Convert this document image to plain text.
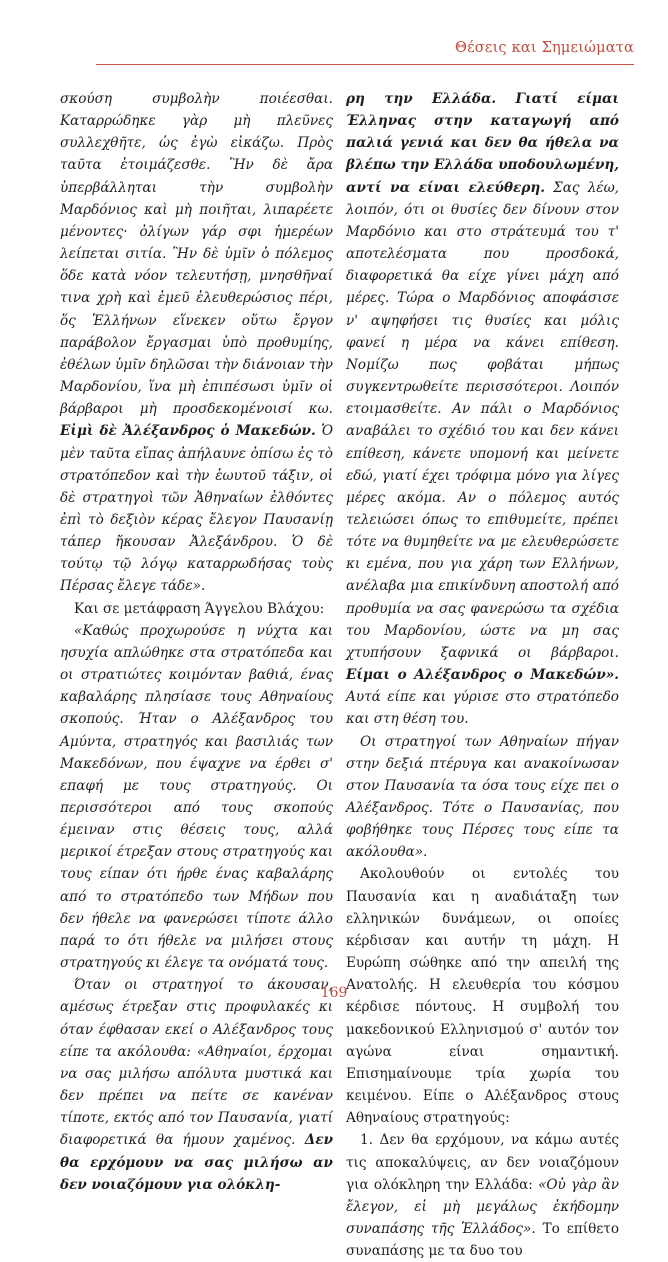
Θέσεις και Σημειώματα

σκούση συμβολὴν ποιέεσθαι. Καταρρώδηκε γὰρ μὴ πλεῦνες συλλεχθῆτε, ὡς ἐγὼ εἰκάζω. Πρὸς ταῦτα ἑτοιμάζεσθε. Ἢν δὲ ἄρα ὑπερβάλληται τὴν συμβολὴν Μαρδόνιος καὶ μὴ ποιῆται, λιπαρέετε μένοντες· ὀλίγων γάρ σφι ἡμερέων λείπεται σιτία. Ἢν δὲ ὑμῖν ὁ πόλεμος ὅδε κατὰ νόον τελευτήσῃ, μνησθῆναί τινα χρὴ καὶ ἐμεῦ ἐλευθερώσιος πέρι, ὅς Ἑλλήνων εἵνεκεν οὕτω ἔργον παράβολον ἔργασμαι ὑπὸ προθυμίης, ἐθέλων ὑμῖν δηλῶσαι τὴν διάνοιαν τὴν Μαρδονίου, ἵνα μὴ ἐπιπέσωσι ὑμῖν οἱ βάρβαροι μὴ προσδεκομένοισί κω. Εἰμὶ δὲ Ἀλέξανδρος ὁ Μακεδών. Ὁ μὲν ταῦτα εἴπας ἀπήλαυνε ὀπίσω ἐς τὸ στρατόπεδον καὶ τὴν ἑωυτοῦ τάξιν, οἱ δὲ στρατηγοὶ τῶν Ἀθηναίων ἐλθόντες ἐπὶ τὸ δεξιὸν κέρας ἔλεγον Παυσανίῃ τάπερ ἤκουσαν Ἀλεξάνδρου. Ὁ δὲ τούτῳ τῷ λόγῳ καταρρωδήσας τοὺς Πέρσας ἔλεγε τάδε».

Και σε μετάφραση Άγγελου Βλάχου:

«Καθώς προχωρούσε η νύχτα και ησυχία απλώθηκε στα στρατόπεδα και οι στρατιώτες κοιμόνταν βαθιά, ένας καβαλάρης πλησίασε τους Αθηναίους σκοπούς. Ήταν ο Αλέξανδρος του Αμύντα, στρατηγός και βασιλιάς των Μακεδόνων, που έψαχνε να έρθει σ' επαφή με τους στρατηγούς. Οι περισσότεροι από τους σκοπούς έμειναν στις θέσεις τους, αλλά μερικοί έτρεξαν στους στρατηγούς και τους είπαν ότι ήρθε ένας καβαλάρης από το στρατόπεδο των Μήδων που δεν ήθελε να φανερώσει τίποτε άλλο παρά το ότι ήθελε να μιλήσει στους στρατηγούς κι έλεγε τα ονόματά τους.

Όταν οι στρατηγοί το άκουσαν, αμέσως έτρεξαν στις προφυλακές κι όταν έφθασαν εκεί ο Αλέξανδρος τους είπε τα ακόλουθα: «Αθηναίοι, έρχομαι να σας μιλήσω απόλυτα μυστικά και δεν πρέπει να πείτε σε κανέναν τίποτε, εκτός από τον Παυσανία, γιατί διαφορετικά θα ήμουν χαμένος. Δεν θα ερχόμουν να σας μιλήσω αν δεν νοιαζόμουν για ολόκλη-

ρη την Ελλάδα. Γιατί είμαι Έλληνας στην καταγωγή από παλιά γενιά και δεν θα ήθελα να βλέπω την Ελλάδα υποδουλωμένη, αντί να είναι ελεύθερη. Σας λέω, λοιπόν, ότι οι θυσίες δεν δίνουν στον Μαρδόνιο και στο στράτευμά του τ' αποτελέσματα που προσδοκά, διαφορετικά θα είχε γίνει μάχη από μέρες. Τώρα ο Μαρδόνιος αποφάσισε ν' αψηφήσει τις θυσίες και μόλις φανεί η μέρα να κάνει επίθεση. Νομίζω πως φοβάται μήπως συγκεντρωθείτε περισσότεροι. Λοιπόν ετοιμασθείτε. Αν πάλι ο Μαρδόνιος αναβάλει το σχέδιό του και δεν κάνει επίθεση, κάνετε υπομονή και μείνετε εδώ, γιατί έχει τρόφιμα μόνο για λίγες μέρες ακόμα. Αν ο πόλεμος αυτός τελειώσει όπως το επιθυμείτε, πρέπει τότε να θυμηθείτε να με ελευθερώσετε κι εμένα, που για χάρη των Ελλήνων, ανέλαβα μια επικίνδυνη αποστολή από προθυμία να σας φανερώσω τα σχέδια του Μαρδονίου, ώστε να μη σας χτυπήσουν ξαφνικά οι βάρβαροι. Είμαι ο Αλέξανδρος ο Μακεδών». Αυτά είπε και γύρισε στο στρατόπεδο και στη θέση του.

Οι στρατηγοί των Αθηναίων πήγαν στην δεξιά πτέρυγα και ανακοίνωσαν στον Παυσανία τα όσα τους είχε πει ο Αλέξανδρος. Τότε ο Παυσανίας, που φοβήθηκε τους Πέρσες τους είπε τα ακόλουθα».

Ακολουθούν οι εντολές του Παυσανία και η αναδιάταξη των ελληνικών δυνάμεων, οι οποίες κέρδισαν και αυτήν τη μάχη. Η Ευρώπη σώθηκε από την απειλή της Ανατολής. Η ελευθερία του κόσμου κέρδισε πόντους. Η συμβολή του μακεδονικού Ελληνισμού σ' αυτόν τον αγώνα είναι σημαντική. Επισημαίνουμε τρία χωρία του κειμένου. Είπε ο Αλέξανδρος στους Αθηναίους στρατηγούς:

1. Δεν θα ερχόμουν, να κάμω αυτές τις αποκαλύψεις, αν δεν νοιαζόμουν για ολόκληρη την Ελλάδα: «Οὐ γὰρ ἂν ἔλεγον, εἰ μὴ μεγάλως ἐκήδομην συναπάσης τῆς Ἑλλάδος». Το επίθετο συναπάσης με τα δυο του

169
